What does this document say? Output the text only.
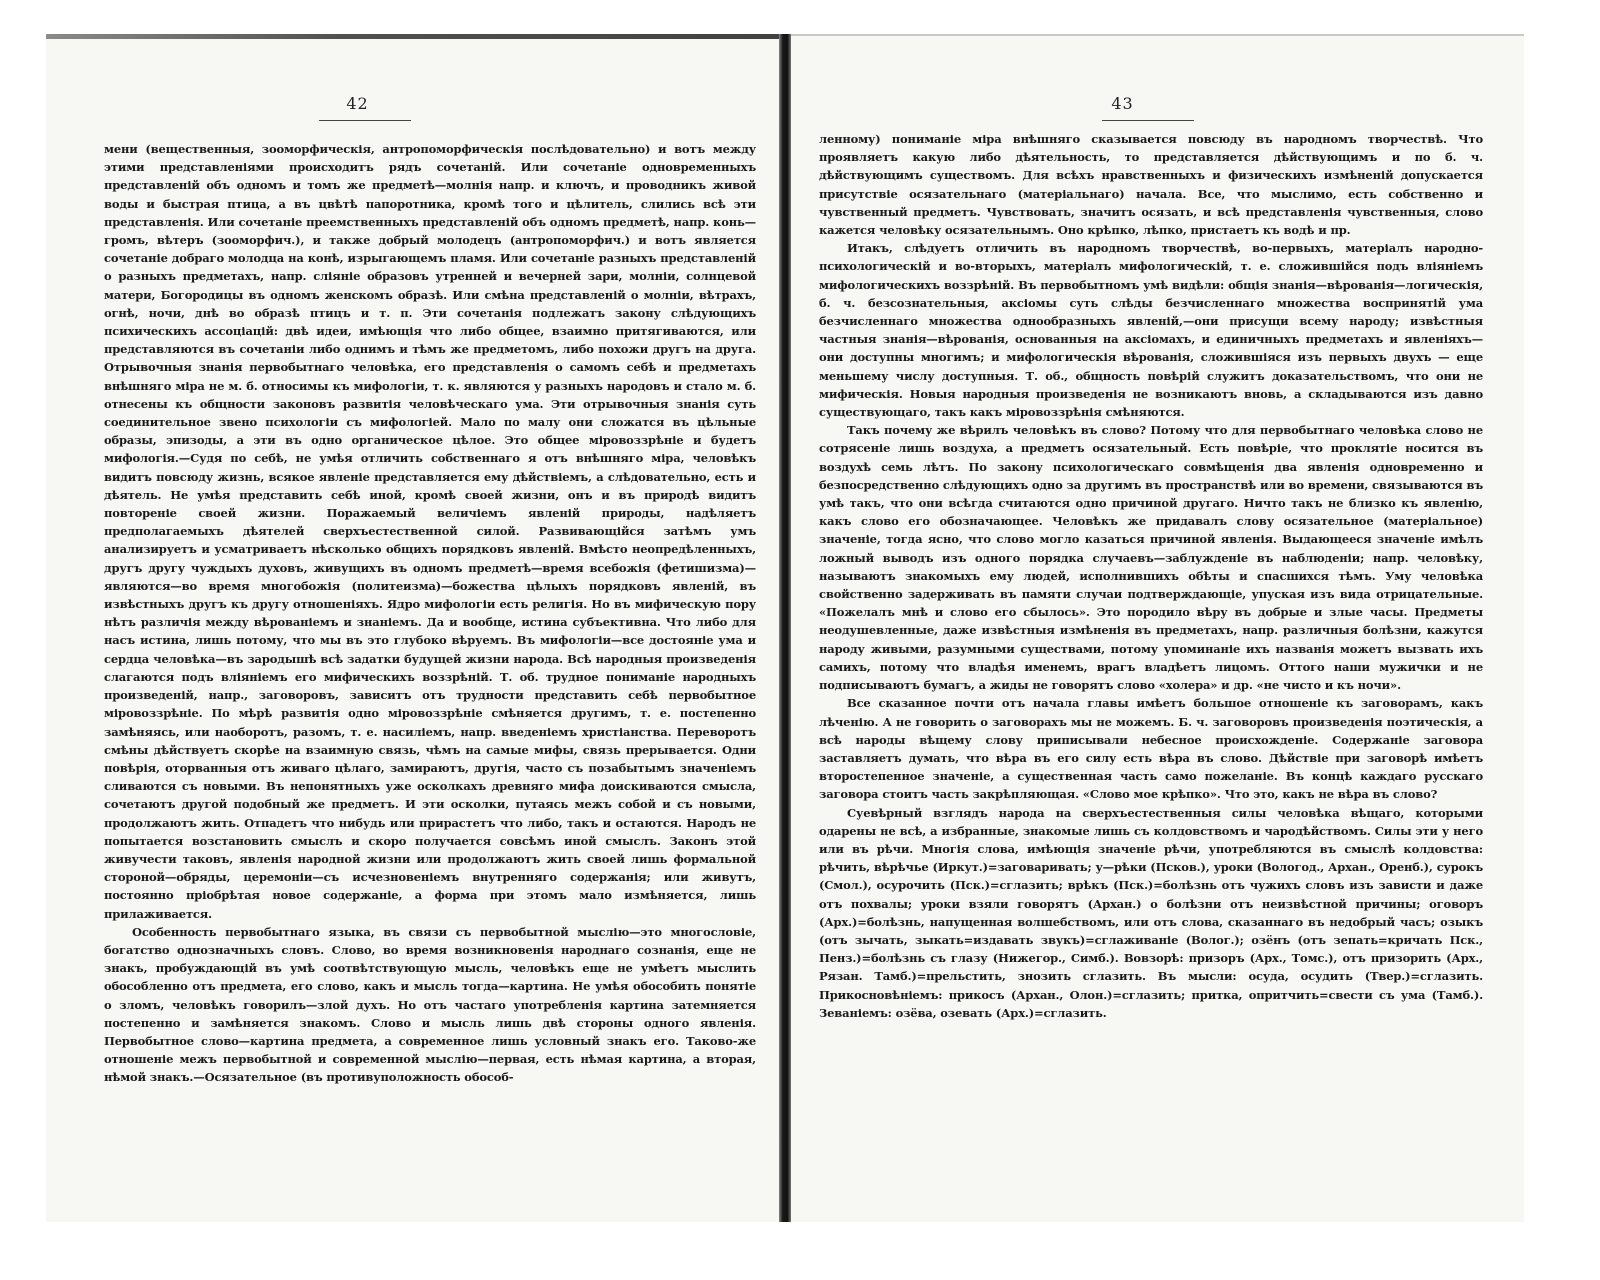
42

мени (вещественныя, зооморфическія, антропоморфическія послѣдовательно) и вотъ между этими представленіями происходитъ рядъ сочетаній. Или сочетаніе одновременныхъ представленій объ одномъ и томъ же предметѣ—молнія напр. и ключъ, и проводникъ живой воды и быстрая птица, а въ цвѣтѣ папоротника, кромѣ того и цѣлитель, слились всѣ эти представленія. Или сочетаніе преемственныхъ представленій объ одномъ предметѣ, напр. конь—громъ, вѣтеръ (зооморфич.), и также добрый молодецъ (антропоморфич.) и вотъ является сочетаніе добраго молодца на конѣ, изрыгающемъ пламя. Или сочетаніе разныхъ представленій о разныхъ предметахъ, напр. сліяніе образовъ утренней и вечерней зари, молніи, солнцевой матери, Богородицы въ одномъ женскомъ образѣ. Или смѣна представленій о молніи, вѣтрахъ, огнѣ, ночи, днѣ во образѣ птицъ и т. п. Эти сочетанія подлежатъ закону слѣдующихъ психическихъ ассоціацій: двѣ идеи, имѣющія что либо общее, взаимно притягиваются, или представляются въ сочетаніи либо однимъ и тѣмъ же предметомъ, либо похожи другъ на друга. Отрывочныя знанія первобытнаго человѣка, его представленія о самомъ себѣ и предметахъ внѣшняго міра не м. б. относимы къ мифологіи, т. к. являются у разныхъ народовъ и стало м. б. отнесены къ общности законовъ развитія человѣческаго ума. Эти отрывочныя знанія суть соединительное звено психологіи съ мифологіей. Мало по малу они сложатся въ цѣльные образы, эпизоды, а эти въ одно органическое цѣлое. Это общее міровоззрѣніе и будетъ мифологія.—Судя по себѣ, не умѣя отличить собственнаго я отъ внѣшняго міра, человѣкъ видитъ повсюду жизнь, всякое явленіе представляется ему дѣйствіемъ, а слѣдовательно, есть и дѣятель. Не умѣя представить себѣ иной, кромѣ своей жизни, онъ и въ природѣ видитъ повтореніе своей жизни. Поражаемый величіемъ явленій природы, надѣляетъ предполагаемыхъ дѣятелей сверхъестественной силой. Развивающійся затѣмъ умъ анализируетъ и усматриваетъ нѣсколько общихъ порядковъ явленій. Вмѣсто неопредѣленныхъ, другъ другу чуждыхъ духовъ, живущихъ въ одномъ предметѣ—время всебожія (фетишизма)—являются—во время многобожія (политеизма)—божества цѣлыхъ порядковъ явленій, въ извѣстныхъ другъ къ другу отношеніяхъ. Ядро мифологіи есть религія. Но въ мифическую пору нѣтъ различія между вѣрованіемъ и знаніемъ. Да и вообще, истина субъективна. Что либо для насъ истина, лишь потому, что мы въ это глубоко вѣруемъ. Въ мифологіи—все достояніе ума и сердца человѣка—въ зародышѣ всѣ задатки будущей жизни народа. Всѣ народныя произведенія слагаются подъ вліяніемъ его мифическихъ воззрѣній. Т. об. трудное пониманіе народныхъ произведеній, напр., заговоровъ, зависитъ отъ трудности представить себѣ первобытное міровоззрѣніе. По мѣрѣ развитія одно міровоззрѣніе смѣняется другимъ, т. е. постепенно замѣняясь, или наоборотъ, разомъ, т. е. насиліемъ, напр. введеніемъ христіанства. Переворотъ смѣны дѣйствуетъ скорѣе на взаимную связь, чѣмъ на самые мифы, связь прерывается. Одни повѣрія, оторванныя отъ живаго цѣлаго, замираютъ, другія, часто съ позабытымъ значеніемъ сливаются съ новыми. Въ непонятныхъ уже осколкахъ древняго мифа доискиваются смысла, сочетаютъ другой подобный же предметъ. И эти осколки, путаясь межъ собой и съ новыми, продолжаютъ жить. Отпадетъ что нибудь или прирастетъ что либо, такъ и остаются. Народъ не попытается возстановить смыслъ и скоро получается совсѣмъ иной смыслъ. Законъ этой живучести таковъ, явленія народной жизни или продолжаютъ жить своей лишь формальной стороной—обряды, церемоніи—съ исчезновеніемъ внутренняго содержанія; или живутъ, постоянно пріобрѣтая новое содержаніе, а форма при этомъ мало измѣняется, лишь прилаживается.

Особенность первобытнаго языка, въ связи съ первобытной мыслію—это многословіе, богатство однозначныхъ словъ. Слово, во время возникновенія народнаго сознанія, еще не знакъ, пробуждающій въ умѣ соотвѣтствующую мысль, человѣкъ еще не умѣетъ мыслить обособленно отъ предмета, его слово, какъ и мысль тогда—картина. Не умѣя обособить понятіе о зломъ, человѣкъ говорилъ—злой духъ. Но отъ частаго употребленія картина затемняется постепенно и замѣняется знакомъ. Слово и мысль лишь двѣ стороны одного явленія. Первобытное слово—картина предмета, а современное лишь условный знакъ его. Таково-же отношеніе межъ первобытной и современной мыслію—первая, есть нѣмая картина, а вторая, нѣмой знакъ.—Осязательное (въ противуположность обособ-

43

ленному) пониманіе міра внѣшняго сказывается повсюду въ народномъ творчествѣ. Что проявляетъ какую либо дѣятельность, то представляется дѣйствующимъ и по б. ч. дѣйствующимъ существомъ. Для всѣхъ нравственныхъ и физическихъ измѣненій допускается присутствіе осязательнаго (матеріальнаго) начала. Все, что мыслимо, есть собственно и чувственный предметъ. Чувствовать, значитъ осязать, и всѣ представленія чувственныя, слово кажется человѣку осязательнымъ. Оно крѣпко, лѣпко, пристаетъ къ водѣ и пр.

Итакъ, слѣдуетъ отличить въ народномъ творчествѣ, во-первыхъ, матеріалъ народно-психологическій и во-вторыхъ, матеріалъ мифологическій, т. е. сложившійся подъ вліяніемъ мифологическихъ воззрѣній. Въ первобытномъ умѣ видѣли: общія знанія—вѣрованія—логическія, б. ч. безсознательныя, аксіомы суть слѣды безчисленнаго множества воспринятій ума безчисленнаго множества однообразныхъ явленій,—они присущи всему народу; извѣстныя частныя знанія—вѣрованія, основанныя на аксіомахъ, и единичныхъ предметахъ и явленіяхъ—они доступны многимъ; и мифологическія вѣрованія, сложившіяся изъ первыхъ двухъ — еще меньшему числу доступныя. Т. об., общность повѣрій служитъ доказательствомъ, что они не мифическія. Новыя народныя произведенія не возникаютъ вновь, а складываются изъ давно существующаго, такъ какъ міровоззрѣнія смѣняются.

Такъ почему же вѣрилъ человѣкъ въ слово? Потому что для первобытнаго человѣка слово не сотрясеніе лишь воздуха, а предметъ осязательный. Есть повѣріе, что проклятіе носится въ воздухѣ семь лѣтъ. По закону психологическаго совмѣщенія два явленія одновременно и безпосредственно слѣдующихъ одно за другимъ въ пространствѣ или во времени, связываются въ умѣ такъ, что они всѣгда считаются одно причиной другаго. Ничто такъ не близко къ явленію, какъ слово его обозначающее. Человѣкъ же придавалъ слову осязательное (матеріальное) значеніе, тогда ясно, что слово могло казаться причиной явленія. Выдающееся значеніе имѣлъ ложный выводъ изъ одного порядка случаевъ—заблужденіе въ наблюденіи; напр. человѣку, называютъ знакомыхъ ему людей, исполнившихъ обѣты и спасшихся тѣмъ. Уму человѣка свойственно задерживать въ памяти случаи подтверждающіе, упуская изъ вида отрицательные. «Пожелалъ мнѣ и слово его сбылось». Это породило вѣру въ добрые и злые часы. Предметы неодушевленные, даже извѣстныя измѣненія въ предметахъ, напр. различныя болѣзни, кажутся народу живыми, разумными существами, потому упоминаніе ихъ названія можетъ вызвать ихъ самихъ, потому что владѣя именемъ, врагъ владѣетъ лицомъ. Оттого наши мужички и не подписываютъ бумагъ, а жиды не говорятъ слово «холера» и др. «не чисто и къ ночи».

Все сказанное почти отъ начала главы имѣетъ большое отношеніе къ заговорамъ, какъ лѣченію. А не говорить о заговорахъ мы не можемъ. Б. ч. заговоровъ произведенія поэтическія, а всѣ народы вѣщему слову приписывали небесное происхожденіе. Содержаніе заговора заставляетъ думать, что вѣра въ его силу есть вѣра въ слово. Дѣйствіе при заговорѣ имѣетъ второстепенное значеніе, а существенная часть само пожеланіе. Въ концѣ каждаго русскаго заговора стоитъ часть закрѣпляющая. «Слово мое крѣпко». Что это, какъ не вѣра въ слово?

Суевѣрный взглядъ народа на сверхъестественныя силы человѣка вѣщаго, которыми одарены не всѣ, а избранные, знакомые лишь съ колдовствомъ и чародѣйствомъ. Силы эти у него или въ рѣчи. Многія слова, имѣющія значеніе рѣчи, употребляются въ смыслѣ колдовства: рѣчить, вѣрѣчье (Иркут.)=заговаривать; у—рѣки (Псков.), уроки (Вологод., Архан., Оренб.), сурокъ (Смол.), осурочить (Пск.)=сглазить; врѣкъ (Пск.)=болѣзнь отъ чужихъ словъ изъ зависти и даже отъ похвалы; уроки взяли говорятъ (Архан.) о болѣзни отъ неизвѣстной причины; оговоръ (Арх.)=болѣзнь, напущенная волшебствомъ, или отъ слова, сказаннаго въ недобрый часъ; озыкъ (отъ зычать, зыкать=издавать звукъ)=сглаживаніе (Волог.); озёнъ (отъ зепать=кричать Пск., Пенз.)=болѣзнь съ глазу (Нижегор., Симб.). Вовзорѣ: призоръ (Арх., Томс.), отъ призорить (Арх., Рязан. Тамб.)=прельстить, знозить сглазить. Въ мысли: осуда, осудить (Твер.)=сглазить. Прикосновѣніемъ: прикосъ (Архан., Олон.)=сглазить; притка, опритчить=свести съ ума (Тамб.). Зеваніемъ: озёва, озевать (Арх.)=сглазить.
